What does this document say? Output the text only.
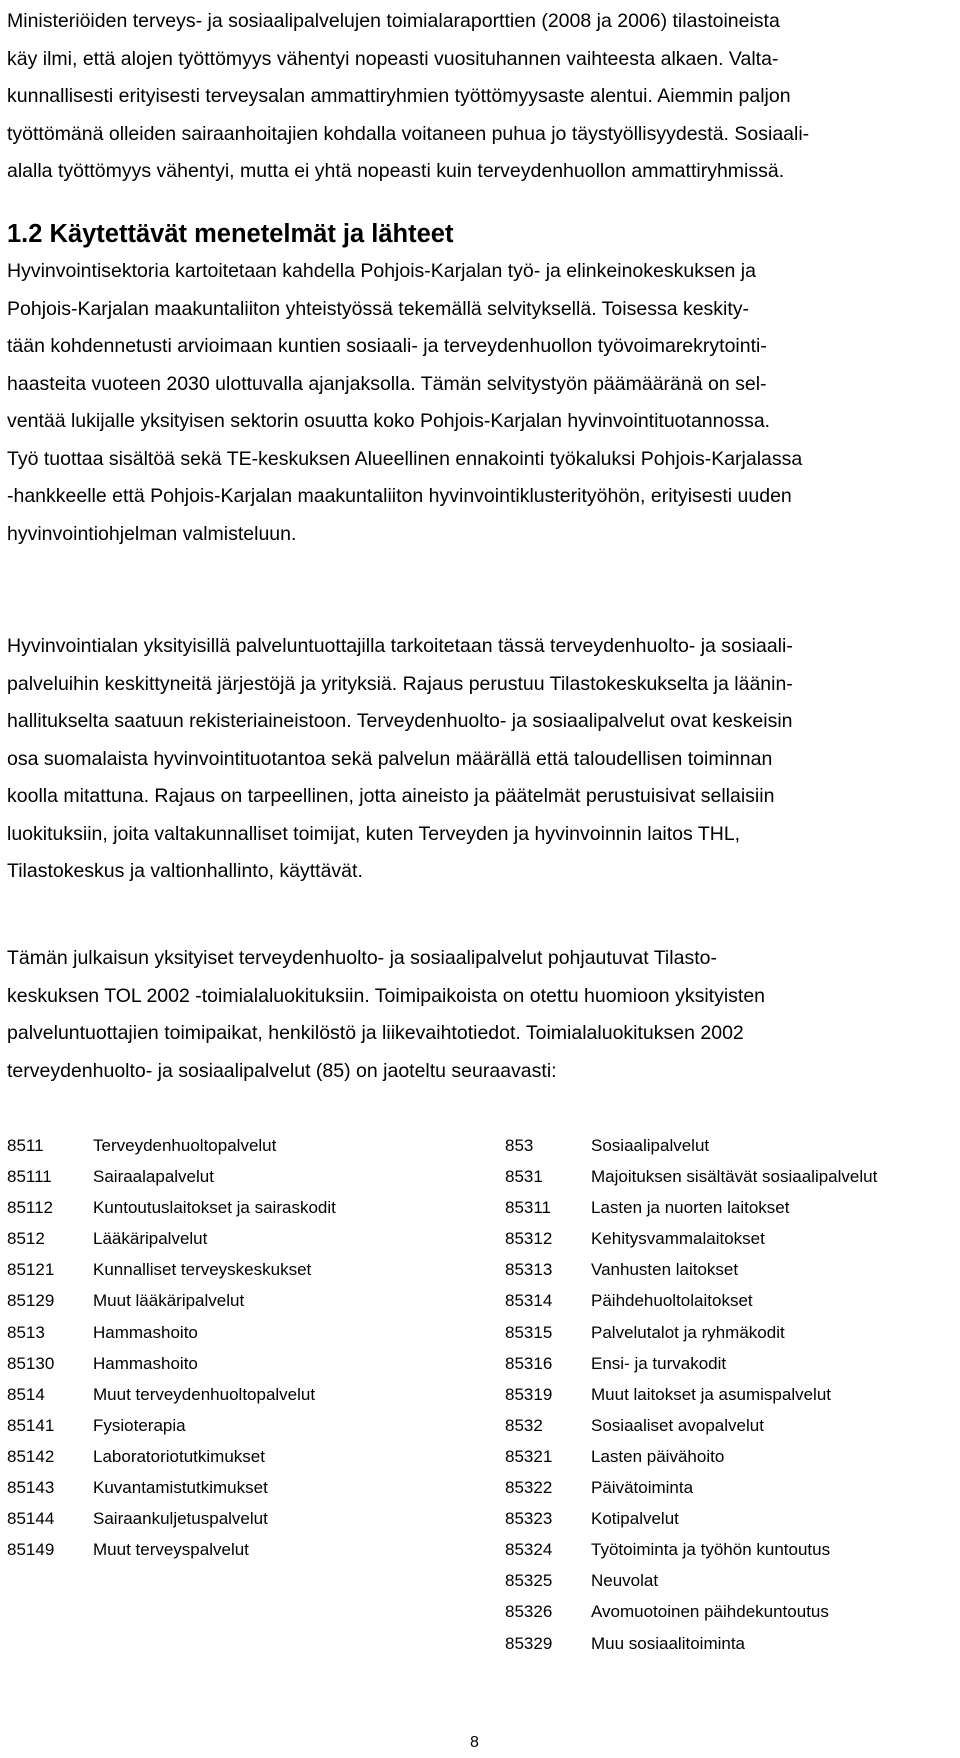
Ministeriöiden terveys- ja sosiaalipalvelujen toimialaraporttien (2008 ja 2006) tilastoineista
käy ilmi, että alojen työttömyys vähentyi nopeasti vuosituhannen vaihteesta alkaen. Valta-
kunnallisesti erityisesti terveysalan ammattiryhmien työttömyysaste alentui. Aiemmin paljon
työttömänä olleiden sairaanhoitajien kohdalla voitaneen puhua jo täystyöllisyydestä. Sosiaali-
alalla työttömyys vähentyi, mutta ei yhtä nopeasti kuin terveydenhuollon ammattiryhmissä.
1.2 Käytettävät menetelmät ja lähteet
Hyvinvointisektoria kartoitetaan kahdella Pohjois-Karjalan työ- ja elinkeinokeskuksen ja
Pohjois-Karjalan maakuntaliiton yhteistyössä tekemällä selvityksellä. Toisessa keskity-
tään kohdennetusti arvioimaan kuntien sosiaali- ja terveydenhuollon työvoimarekrytointi-
haasteita vuoteen 2030 ulottuvalla ajanjaksolla. Tämän selvitystyön päämääränä on sel-
ventää lukijalle yksityisen sektorin osuutta koko Pohjois-Karjalan hyvinvointituotannossa.
Työ tuottaa sisältöä sekä TE-keskuksen Alueellinen ennakointi työkaluksi Pohjois-Karjalassa
-hankkeelle että Pohjois-Karjalan maakuntaliiton hyvinvointiklusterityöhön, erityisesti uuden
hyvinvointiohjelman valmisteluun.
Hyvinvointialan yksityisillä palveluntuottajilla tarkoitetaan tässä terveydenhuolto- ja sosiaali-
palveluihin keskittyneitä järjestöjä ja yrityksiä. Rajaus perustuu Tilastokeskukselta ja läänin-
hallitukselta saatuun rekisteriaineistoon. Terveydenhuolto- ja sosiaalipalvelut ovat keskeisin
osa suomalaista hyvinvointituotantoa sekä palvelun määrällä että taloudellisen toiminnan
koolla mitattuna. Rajaus on tarpeellinen, jotta aineisto ja päätelmät perustuisivat sellaisiin
luokituksiin, joita valtakunnalliset toimijat, kuten Terveyden ja hyvinvoinnin laitos THL,
Tilastokeskus ja valtionhallinto, käyttävät.
Tämän julkaisun yksityiset terveydenhuolto- ja sosiaalipalvelut pohjautuvat Tilasto-
keskuksen TOL 2002 -toimialaluokituksiin. Toimipaikoista on otettu huomioon yksityisten
palveluntuottajien toimipaikat, henkilöstö ja liikevaihtotiedot. Toimialaluokituksen 2002
terveydenhuolto- ja sosiaalipalvelut (85) on jaoteltu seuraavasti:
8511	Terveydenhuoltopalvelut
85111 Sairaalapalvelut
85112 Kuntoutuslaitokset ja sairaskodit
8512	Lääkäripalvelut
85121 Kunnalliset terveyskeskukset
85129 Muut lääkäripalvelut
8513	Hammashoito
85130 Hammashoito
8514	Muut terveydenhuoltopalvelut
85141 Fysioterapia
85142 Laboratoriotutkimukset
85143 Kuvantamistutkimukset
85144 Sairaankuljetuspalvelut
85149 Muut terveyspalvelut
853	Sosiaalipalvelut
8531	Majoituksen sisältävät sosiaalipalvelut
85311 Lasten ja nuorten laitokset
85312 Kehitysvammalaitokset
85313 Vanhusten laitokset
85314 Päihdehuoltolaitokset
85315 Palvelutalot ja ryhmäkodit
85316 Ensi- ja turvakodit
85319 Muut laitokset ja asumispalvelut
8532	Sosiaaliset avopalvelut
85321 Lasten päivähoito
85322 Päivätoiminta
85323 Kotipalvelut
85324 Työtoiminta ja työhön kuntoutus
85325 Neuvolat
85326 Avomuotoinen päihdekuntoutus
85329 Muu sosiaalitoiminta
8
